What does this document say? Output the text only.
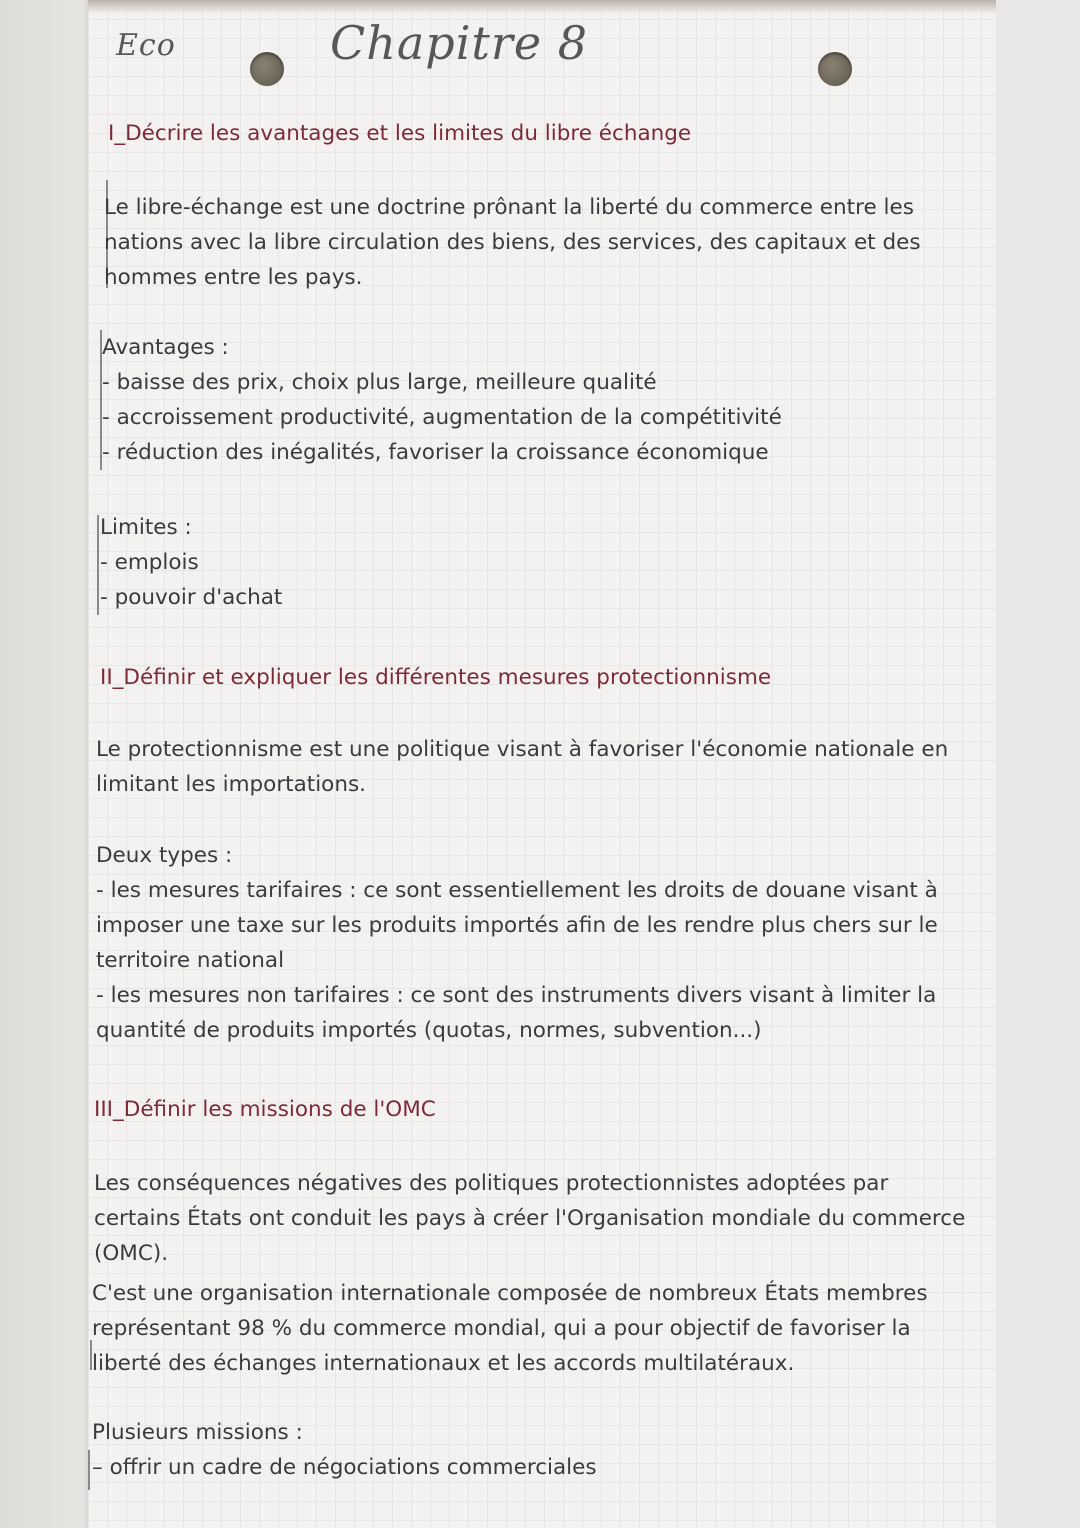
Eco	Chapitre 8
I_Décrire les avantages et les limites du libre échange
Le libre-échange est une doctrine prônant la liberté du commerce entre les
nations avec la libre circulation des biens, des services, des capitaux et des
hommes entre les pays.
Avantages :
- baisse des prix, choix plus large, meilleure qualité
- accroissement productivité, augmentation de la compétitivité
- réduction des inégalités, favoriser la croissance économique
Limites :
- emplois
- pouvoir d'achat
II_Définir et expliquer les différentes mesures protectionnisme
Le protectionnisme est une politique visant à favoriser l'économie nationale en
limitant les importations.
Deux types :
- les mesures tarifaires : ce sont essentiellement les droits de douane visant à
imposer une taxe sur les produits importés afin de les rendre plus chers sur le
territoire national
- les mesures non tarifaires : ce sont des instruments divers visant à limiter la
quantité de produits importés (quotas, normes, subvention...)
III_Définir les missions de l'OMC
Les conséquences négatives des politiques protectionnistes adoptées par
certains États ont conduit les pays à créer l'Organisation mondiale du commerce
(OMC).
C'est une organisation internationale composée de nombreux États membres
représentant 98 % du commerce mondial, qui a pour objectif de favoriser la
liberté des échanges internationaux et les accords multilatéraux.
Plusieurs missions :
– offrir un cadre de négociations commerciales
